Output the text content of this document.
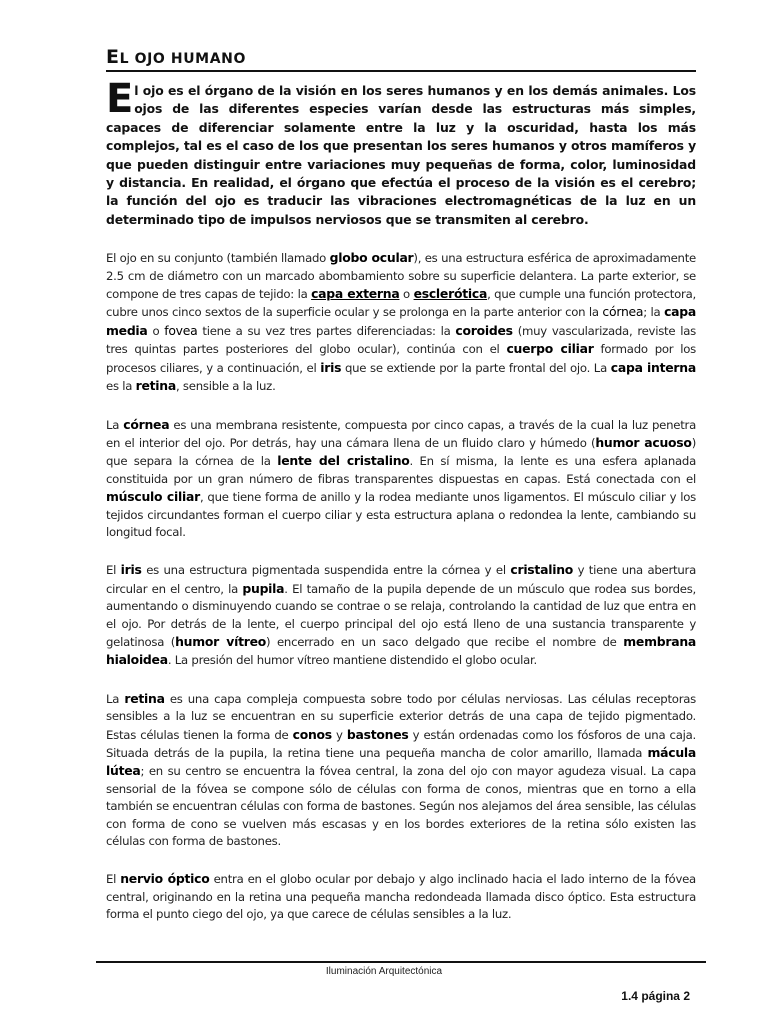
EL OJO HUMANO
El ojo es el órgano de la visión en los seres humanos y en los demás animales. Los ojos de las diferentes especies varían desde las estructuras más simples, capaces de diferenciar solamente entre la luz y la oscuridad, hasta los más complejos, tal es el caso de los que presentan los seres humanos y otros mamíferos y que pueden distinguir entre variaciones muy pequeñas de forma, color, luminosidad y distancia. En realidad, el órgano que efectúa el proceso de la visión es el cerebro; la función del ojo es traducir las vibraciones electromagnéticas de la luz en un determinado tipo de impulsos nerviosos que se transmiten al cerebro.

El ojo en su conjunto (también llamado globo ocular), es una estructura esférica de aproximadamente 2.5 cm de diámetro con un marcado abombamiento sobre su superficie delantera. La parte exterior, se compone de tres capas de tejido: la capa externa o esclerótica, que cumple una función protectora, cubre unos cinco sextos de la superficie ocular y se prolonga en la parte anterior con la córnea; la capa media o fovea tiene a su vez tres partes diferenciadas: la coroides (muy vascularizada, reviste las tres quintas partes posteriores del globo ocular), continúa con el cuerpo ciliar formado por los procesos ciliares, y a continuación, el iris que se extiende por la parte frontal del ojo. La capa interna es la retina, sensible a la luz.

La córnea es una membrana resistente, compuesta por cinco capas, a través de la cual la luz penetra en el interior del ojo. Por detrás, hay una cámara llena de un fluido claro y húmedo (humor acuoso) que separa la córnea de la lente del cristalino. En sí misma, la lente es una esfera aplanada constituida por un gran número de fibras transparentes dispuestas en capas. Está conectada con el músculo ciliar, que tiene forma de anillo y la rodea mediante unos ligamentos. El músculo ciliar y los tejidos circundantes forman el cuerpo ciliar y esta estructura aplana o redondea la lente, cambiando su longitud focal.

El iris es una estructura pigmentada suspendida entre la córnea y el cristalino y tiene una abertura circular en el centro, la pupila. El tamaño de la pupila depende de un músculo que rodea sus bordes, aumentando o disminuyendo cuando se contrae o se relaja, controlando la cantidad de luz que entra en el ojo. Por detrás de la lente, el cuerpo principal del ojo está lleno de una sustancia transparente y gelatinosa (humor vítreo) encerrado en un saco delgado que recibe el nombre de membrana hialoidea. La presión del humor vítreo mantiene distendido el globo ocular.

La retina es una capa compleja compuesta sobre todo por células nerviosas. Las células receptoras sensibles a la luz se encuentran en su superficie exterior detrás de una capa de tejido pigmentado. Estas células tienen la forma de conos y bastones y están ordenadas como los fósforos de una caja. Situada detrás de la pupila, la retina tiene una pequeña mancha de color amarillo, llamada mácula lútea; en su centro se encuentra la fóvea central, la zona del ojo con mayor agudeza visual. La capa sensorial de la fóvea se compone sólo de células con forma de conos, mientras que en torno a ella también se encuentran células con forma de bastones. Según nos alejamos del área sensible, las células con forma de cono se vuelven más escasas y en los bordes exteriores de la retina sólo existen las células con forma de bastones.

El nervio óptico entra en el globo ocular por debajo y algo inclinado hacia el lado interno de la fóvea central, originando en la retina una pequeña mancha redondeada llamada disco óptico. Esta estructura forma el punto ciego del ojo, ya que carece de células sensibles a la luz.

Iluminación Arquitectónica
1.4 página 2
